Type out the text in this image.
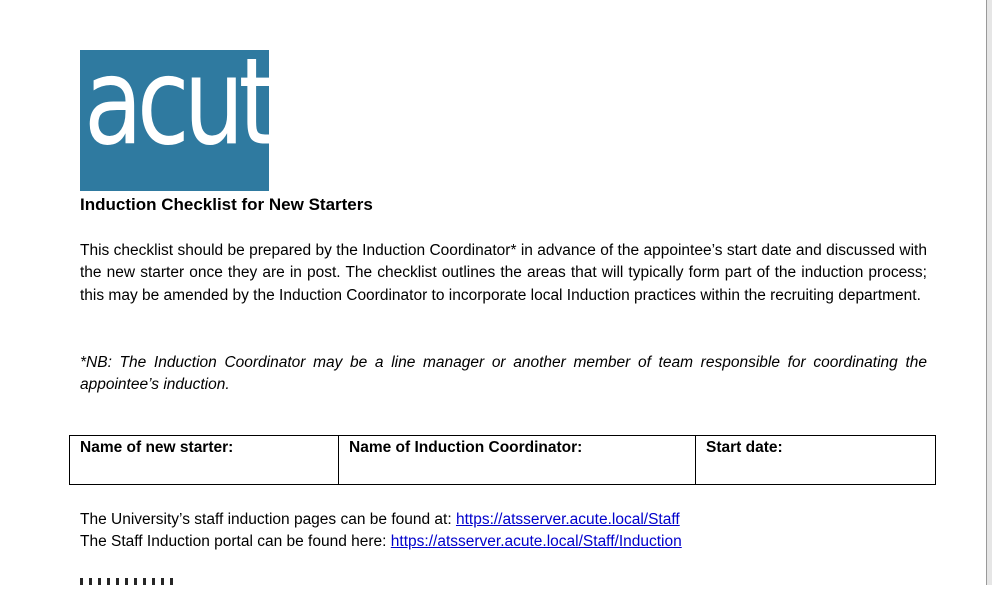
acute
Induction Checklist for New Starters

This checklist should be prepared by the Induction Coordinator* in advance of the appointee’s start date and discussed with the new starter once they are in post. The checklist outlines the areas that will typically form part of the induction process; this may be amended by the Induction Coordinator to incorporate local Induction practices within the recruiting department.

*NB: The Induction Coordinator may be a line manager or another member of team responsible for coordinating the appointee’s induction.

Name of new starter:	Name of Induction Coordinator:	Start date:
The University’s staff induction pages can be found at: https://atsserver.acute.local/Staff
The Staff Induction portal can be found here: https://atsserver.acute.local/Staff/Induction
